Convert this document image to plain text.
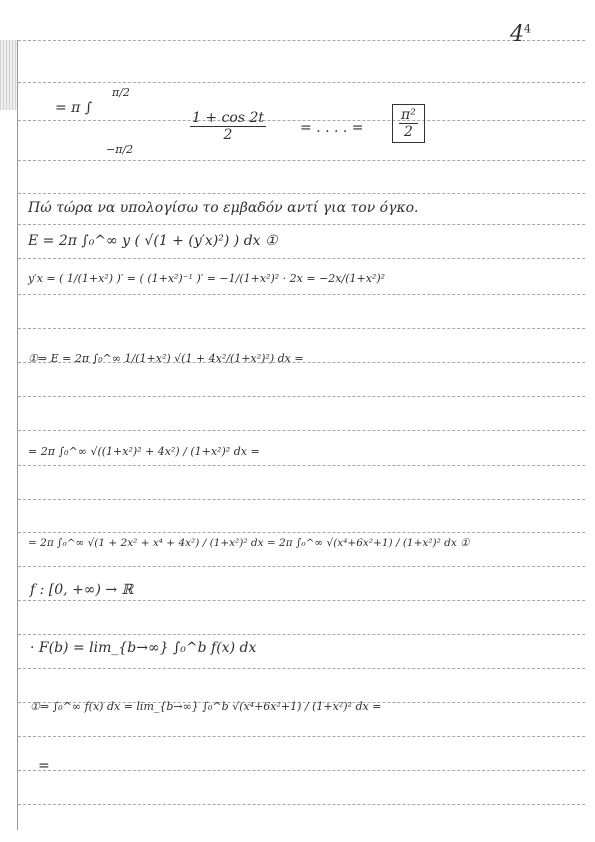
$4^4$
= π ∫
π/2
−π/2
$\frac{1 + \cos 2t}{2}$ = . . . . = $\frac{\text{π²}}{2}$
Πώ τώρα να υπολογίσω το εμβαδόν αντί για τον όγκο.
E = 2π ∫₀^∞ y ( √(1 + (y′x)²) ) dx ①
y′x = ( 1/(1+x²) )′ = ( (1+x²)⁻¹ )′ = −1/(1+x²)² · 2x = −2x/(1+x²)²
①⇒ E = 2π ∫₀^∞ 1/(1+x²) √(1 + 4x²/(1+x²)²) dx =
= 2π ∫₀^∞ √((1+x²)² + 4x²) / (1+x²)² dx =
= 2π ∫₀^∞ √(1 + 2x² + x⁴ + 4x²) / (1+x²)² dx = 2π ∫₀^∞ √(x⁴+6x²+1) / (1+x²)² dx ①
f : [0, +∞) → ℝ
· F(b) = lim_{b→∞} ∫₀^b f(x) dx
①⇒ ∫₀^∞ f(x) dx = lim_{b→∞} ∫₀^b √(x⁴+6x²+1) / (1+x²)² dx =
=
